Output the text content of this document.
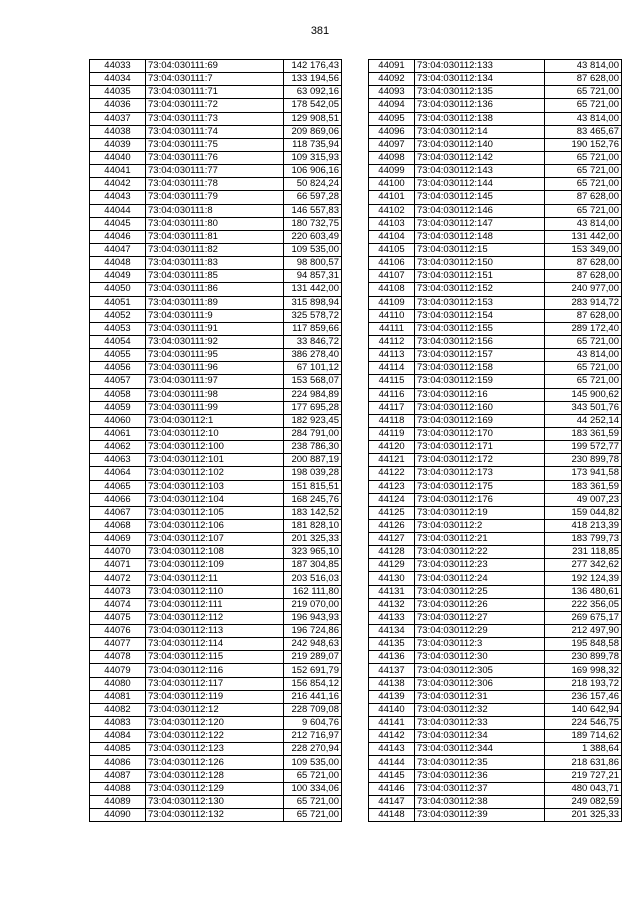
381
44033	73:04:030111:69	142 176,43
44034	73:04:030111:7	133 194,56
44035	73:04:030111:71	63 092,16
44036	73:04:030111:72	178 542,05
44037	73:04:030111:73	129 908,51
44038	73:04:030111:74	209 869,06
44039	73:04:030111:75	118 735,94
44040	73:04:030111:76	109 315,93
44041	73:04:030111:77	106 906,16
44042	73:04:030111:78	50 824,24
44043	73:04:030111:79	66 597,28
44044	73:04:030111:8	146 557,83
44045	73:04:030111:80	180 732,75
44046	73:04:030111:81	220 603,49
44047	73:04:030111:82	109 535,00
44048	73:04:030111:83	98 800,57
44049	73:04:030111:85	94 857,31
44050	73:04:030111:86	131 442,00
44051	73:04:030111:89	315 898,94
44052	73:04:030111:9	325 578,72
44053	73:04:030111:91	117 859,66
44054	73:04:030111:92	33 846,72
44055	73:04:030111:95	386 278,40
44056	73:04:030111:96	67 101,12
44057	73:04:030111:97	153 568,07
44058	73:04:030111:98	224 984,89
44059	73:04:030111:99	177 695,28
44060	73:04:030112:1	182 923,45
44061	73:04:030112:10	284 791,00
44062	73:04:030112:100	238 786,30
44063	73:04:030112:101	200 887,19
44064	73:04:030112:102	198 039,28
44065	73:04:030112:103	151 815,51
44066	73:04:030112:104	168 245,76
44067	73:04:030112:105	183 142,52
44068	73:04:030112:106	181 828,10
44069	73:04:030112:107	201 325,33
44070	73:04:030112:108	323 965,10
44071	73:04:030112:109	187 304,85
44072	73:04:030112:11	203 516,03
44073	73:04:030112:110	162 111,80
44074	73:04:030112:111	219 070,00
44075	73:04:030112:112	196 943,93
44076	73:04:030112:113	196 724,86
44077	73:04:030112:114	242 948,63
44078	73:04:030112:115	219 289,07
44079	73:04:030112:116	152 691,79
44080	73:04:030112:117	156 854,12
44081	73:04:030112:119	216 441,16
44082	73:04:030112:12	228 709,08
44083	73:04:030112:120	9 604,76
44084	73:04:030112:122	212 716,97
44085	73:04:030112:123	228 270,94
44086	73:04:030112:126	109 535,00
44087	73:04:030112:128	65 721,00
44088	73:04:030112:129	100 334,06
44089	73:04:030112:130	65 721,00
44090	73:04:030112:132	65 721,00
44091	73:04:030112:133	43 814,00
44092	73:04:030112:134	87 628,00
44093	73:04:030112:135	65 721,00
44094	73:04:030112:136	65 721,00
44095	73:04:030112:138	43 814,00
44096	73:04:030112:14	83 465,67
44097	73:04:030112:140	190 152,76
44098	73:04:030112:142	65 721,00
44099	73:04:030112:143	65 721,00
44100	73:04:030112:144	65 721,00
44101	73:04:030112:145	87 628,00
44102	73:04:030112:146	65 721,00
44103	73:04:030112:147	43 814,00
44104	73:04:030112:148	131 442,00
44105	73:04:030112:15	153 349,00
44106	73:04:030112:150	87 628,00
44107	73:04:030112:151	87 628,00
44108	73:04:030112:152	240 977,00
44109	73:04:030112:153	283 914,72
44110	73:04:030112:154	87 628,00
44111	73:04:030112:155	289 172,40
44112	73:04:030112:156	65 721,00
44113	73:04:030112:157	43 814,00
44114	73:04:030112:158	65 721,00
44115	73:04:030112:159	65 721,00
44116	73:04:030112:16	145 900,62
44117	73:04:030112:160	343 501,76
44118	73:04:030112:169	44 252,14
44119	73:04:030112:170	183 361,59
44120	73:04:030112:171	199 572,77
44121	73:04:030112:172	230 899,78
44122	73:04:030112:173	173 941,58
44123	73:04:030112:175	183 361,59
44124	73:04:030112:176	49 007,23
44125	73:04:030112:19	159 044,82
44126	73:04:030112:2	418 213,39
44127	73:04:030112:21	183 799,73
44128	73:04:030112:22	231 118,85
44129	73:04:030112:23	277 342,62
44130	73:04:030112:24	192 124,39
44131	73:04:030112:25	136 480,61
44132	73:04:030112:26	222 356,05
44133	73:04:030112:27	269 675,17
44134	73:04:030112:29	212 497,90
44135	73:04:030112:3	195 848,58
44136	73:04:030112:30	230 899,78
44137	73:04:030112:305	169 998,32
44138	73:04:030112:306	218 193,72
44139	73:04:030112:31	236 157,46
44140	73:04:030112:32	140 642,94
44141	73:04:030112:33	224 546,75
44142	73:04:030112:34	189 714,62
44143	73:04:030112:344	1 388,64
44144	73:04:030112:35	218 631,86
44145	73:04:030112:36	219 727,21
44146	73:04:030112:37	480 043,71
44147	73:04:030112:38	249 082,59
44148	73:04:030112:39	201 325,33
